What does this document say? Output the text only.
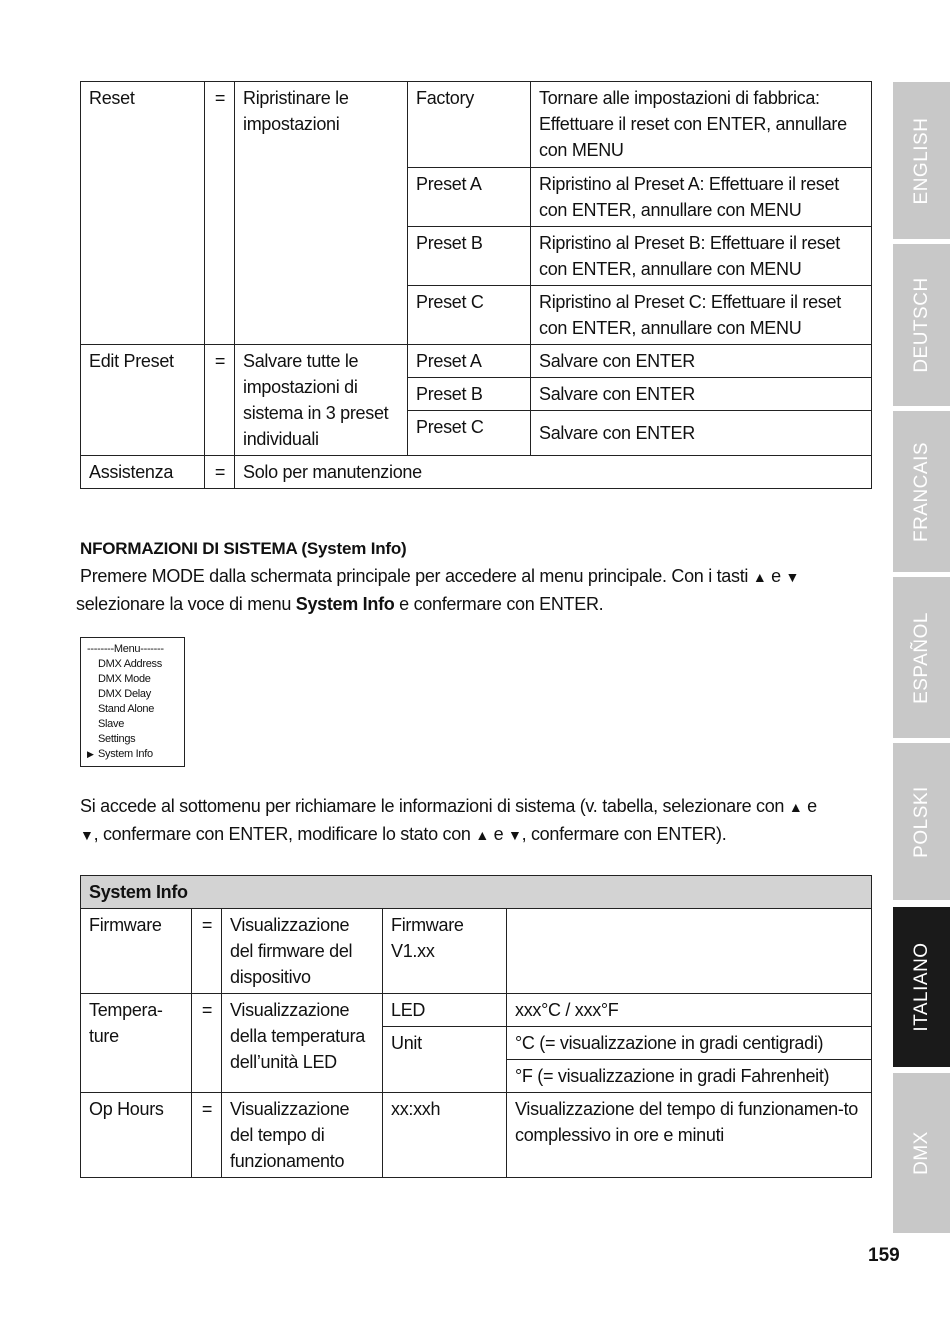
Reset	=	Ripristinare le impostazioni	Factory	Tornare alle impostazioni di fabbrica: Effettuare il reset con ENTER, annullare con MENU
			Preset A	Ripristino al Preset A: Effettuare il reset con ENTER, annullare con MENU
			Preset B	Ripristino al Preset B: Effettuare il reset con ENTER, annullare con MENU
			Preset C	Ripristino al Preset C: Effettuare il reset con ENTER, annullare con MENU
Edit Preset	=	Salvare tutte le impostazioni di sistema in 3 preset individuali	Preset A	Salvare con ENTER
			Preset B	Salvare con ENTER
			Preset C	Salvare con ENTER
Assistenza	=	Solo per manutenzione		
NFORMAZIONI DI SISTEMA (System Info)
Premere MODE dalla schermata principale per accedere al menu principale. Con i tasti ▲ e ▼
selezionare la voce di menu System Info e confermare con ENTER.
--------Menu-------
DMX Address
DMX Mode
DMX Delay
Stand Alone
Slave
Settings
▶ System Info
Si accede al sottomenu per richiamare le informazioni di sistema (v. tabella, selezionare con ▲ e
▼, confermare con ENTER, modificare lo stato con ▲ e ▼, confermare con ENTER).
System Info				
Firmware	=	Visualizzazione del firmware del dispositivo	Firmware V1.xx	
Tempera-ture	=	Visualizzazione della temperatura dell’unità LED	LED	xxx°C / xxx°F
			Unit	°C (= visualizzazione in gradi centigradi)
				°F (= visualizzazione in gradi Fahrenheit)
Op Hours	=	Visualizzazione del tempo di funzionamento	xx:xxh	Visualizzazione del tempo di funzionamen-to complessivo in ore e minuti
ENGLISH
DEUTSCH
FRANCAIS
ESPAÑOL
POLSKI
ITALIANO
DMX
159
